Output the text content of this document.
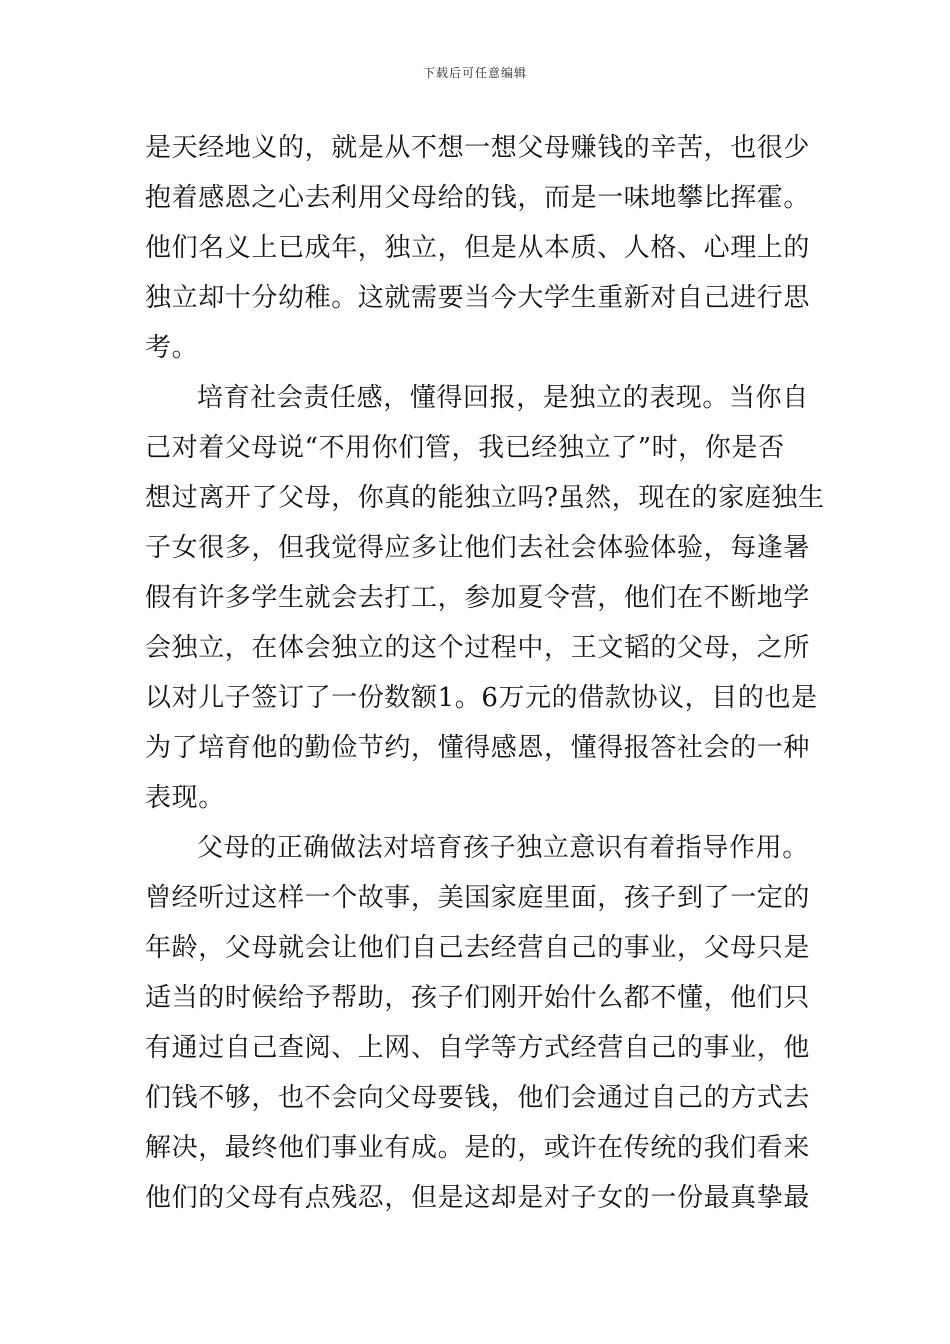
下载后可任意编辑
是天经地义的，就是从不想一想父母赚钱的辛苦，也很少
抱着感恩之心去利用父母给的钱，而是一味地攀比挥霍。
他们名义上已成年，独立，但是从本质、人格、心理上的
独立却十分幼稚。这就需要当今大学生重新对自己进行思
考。
培育社会责任感，懂得回报，是独立的表现。当你自
己对着父母说“不用你们管，我已经独立了”时，你是否
想过离开了父母，你真的能独立吗?虽然，现在的家庭独生
子女很多，但我觉得应多让他们去社会体验体验，每逢暑
假有许多学生就会去打工，参加夏令营，他们在不断地学
会独立，在体会独立的这个过程中，王文韬的父母，之所
以对儿子签订了一份数额1。6万元的借款协议，目的也是
为了培育他的勤俭节约，懂得感恩，懂得报答社会的一种
表现。
父母的正确做法对培育孩子独立意识有着指导作用。
曾经听过这样一个故事，美国家庭里面，孩子到了一定的
年龄，父母就会让他们自己去经营自己的事业，父母只是
适当的时候给予帮助，孩子们刚开始什么都不懂，他们只
有通过自己查阅、上网、自学等方式经营自己的事业，他
们钱不够，也不会向父母要钱，他们会通过自己的方式去
解决，最终他们事业有成。是的，或许在传统的我们看来
他们的父母有点残忍，但是这却是对子女的一份最真挚最
